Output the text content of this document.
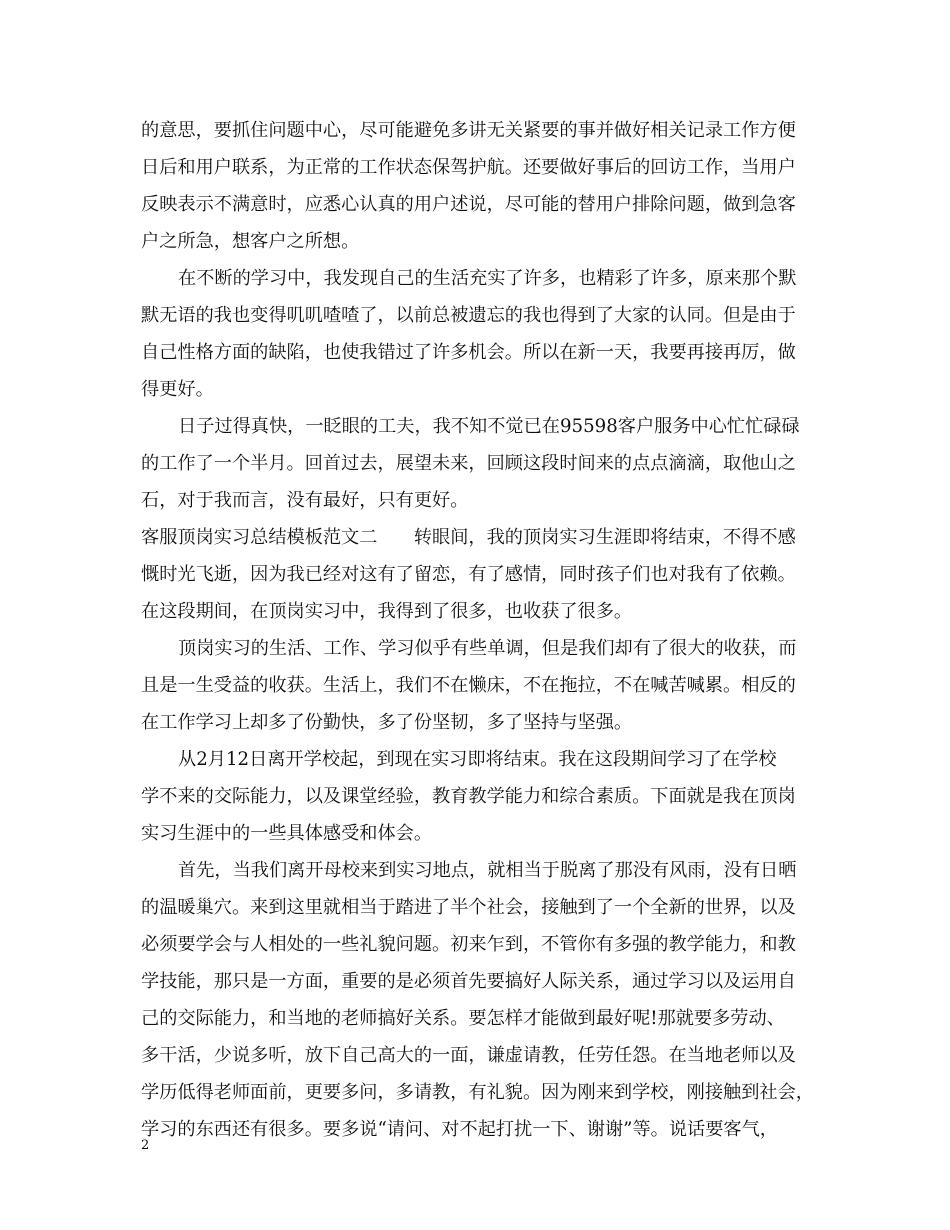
的意思，要抓住问题中心，尽可能避免多讲无关紧要的事并做好相关记录工作方便
日后和用户联系，为正常的工作状态保驾护航。还要做好事后的回访工作，当用户
反映表示不满意时，应悉心认真的用户述说，尽可能的替用户排除问题，做到急客
户之所急，想客户之所想。
在不断的学习中，我发现自己的生活充实了许多，也精彩了许多，原来那个默
默无语的我也变得叽叽喳喳了，以前总被遗忘的我也得到了大家的认同。但是由于
自己性格方面的缺陷，也使我错过了许多机会。所以在新一天，我要再接再厉，做
得更好。
日子过得真快，一眨眼的工夫，我不知不觉已在95598客户服务中心忙忙碌碌
的工作了一个半月。回首过去，展望未来，回顾这段时间来的点点滴滴，取他山之
石，对于我而言，没有最好，只有更好。
客服顶岗实习总结模板范文二　　转眼间，我的顶岗实习生涯即将结束，不得不感
慨时光飞逝，因为我已经对这有了留恋，有了感情，同时孩子们也对我有了依赖。
在这段期间，在顶岗实习中，我得到了很多，也收获了很多。
顶岗实习的生活、工作、学习似乎有些单调，但是我们却有了很大的收获，而
且是一生受益的收获。生活上，我们不在懒床，不在拖拉，不在喊苦喊累。相反的
在工作学习上却多了份勤快，多了份坚韧，多了坚持与坚强。
从2月12日离开学校起，到现在实习即将结束。我在这段期间学习了在学校
学不来的交际能力，以及课堂经验，教育教学能力和综合素质。下面就是我在顶岗
实习生涯中的一些具体感受和体会。
首先，当我们离开母校来到实习地点，就相当于脱离了那没有风雨，没有日晒
的温暖巢穴。来到这里就相当于踏进了半个社会，接触到了一个全新的世界，以及
必须要学会与人相处的一些礼貌问题。初来乍到，不管你有多强的教学能力，和教
学技能，那只是一方面，重要的是必须首先要搞好人际关系，通过学习以及运用自
己的交际能力，和当地的老师搞好关系。要怎样才能做到最好呢!那就要多劳动、
多干活，少说多听，放下自己高大的一面，谦虚请教，任劳任怨。在当地老师以及
学历低得老师面前，更要多问，多请教，有礼貌。因为刚来到学校，刚接触到社会，
学习的东西还有很多。要多说“请问、对不起打扰一下、谢谢”等。说话要客气，
2
